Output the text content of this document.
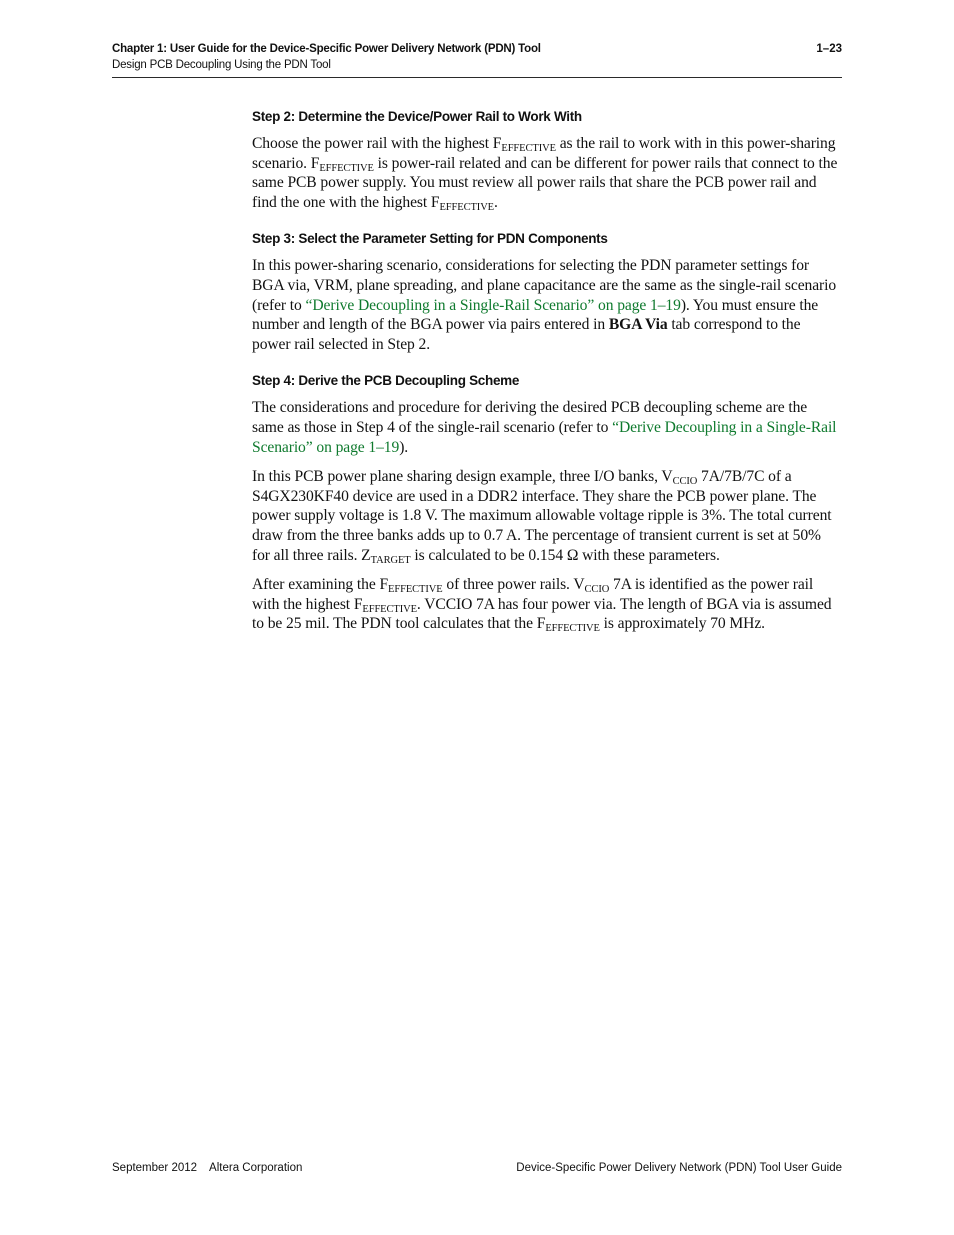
Chapter 1: User Guide for the Device-Specific Power Delivery Network (PDN) Tool
Design PCB Decoupling Using the PDN Tool
1–23
Step 2: Determine the Device/Power Rail to Work With

Choose the power rail with the highest $F_{EFFECTIVE}$ as the rail to work with in this power-sharing scenario. $F_{EFFECTIVE}$ is power-rail related and can be different for power rails that connect to the same PCB power supply. You must review all power rails that share the PCB power rail and find the one with the highest $F_{EFFECTIVE}$.

Step 3: Select the Parameter Setting for PDN Components

In this power-sharing scenario, considerations for selecting the PDN parameter settings for BGA via, VRM, plane spreading, and plane capacitance are the same as the single-rail scenario (refer to “Derive Decoupling in a Single-Rail Scenario” on page 1–19). You must ensure the number and length of the BGA power via pairs entered in BGA Via tab correspond to the power rail selected in Step 2.

Step 4: Derive the PCB Decoupling Scheme

The considerations and procedure for deriving the desired PCB decoupling scheme are the same as those in Step 4 of the single-rail scenario (refer to “Derive Decoupling in a Single-Rail Scenario” on page 1–19).

In this PCB power plane sharing design example, three I/O banks, $V_{CCIO}$ 7A/7B/7C of a S4GX230KF40 device are used in a DDR2 interface. They share the PCB power plane. The power supply voltage is 1.8 V. The maximum allowable voltage ripple is 3%. The total current draw from the three banks adds up to 0.7 A. The percentage of transient current is set at 50% for all three rails. $Z_{TARGET}$ is calculated to be 0.154 Ω with these parameters.

After examining the $F_{EFFECTIVE}$ of three power rails. $V_{CCIO}$ 7A is identified as the power rail with the highest $F_{EFFECTIVE}$. VCCIO 7A has four power via. The length of BGA via is assumed to be 25 mil. The PDN tool calculates that the $F_{EFFECTIVE}$ is approximately 70 MHz.

September 2012 Altera Corporation	Device-Specific Power Delivery Network (PDN) Tool User Guide
